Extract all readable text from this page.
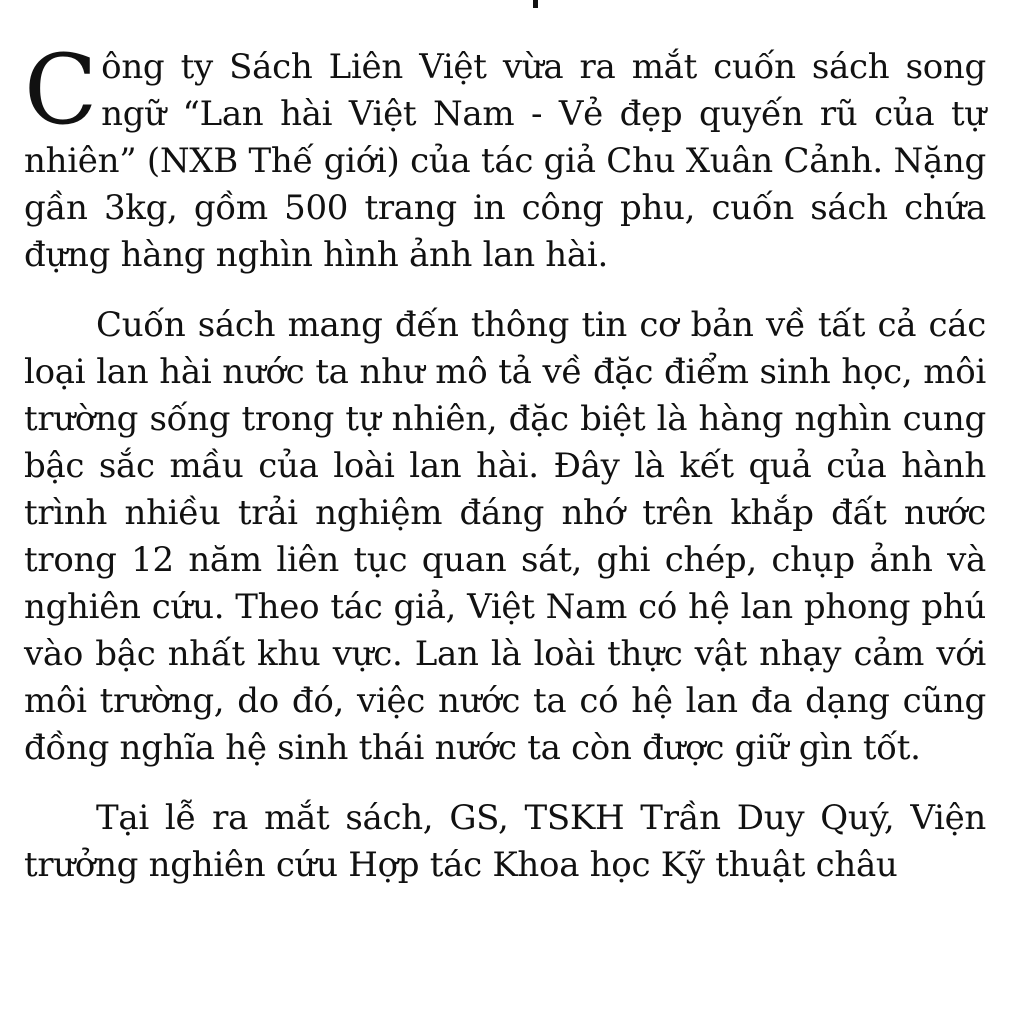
Công ty Sách Liên Việt vừa ra mắt cuốn sách song ngữ “Lan hài Việt Nam - Vẻ đẹp quyến rũ của tự nhiên” (NXB Thế giới) của tác giả Chu Xuân Cảnh. Nặng gần 3kg, gồm 500 trang in công phu, cuốn sách chứa đựng hàng nghìn hình ảnh lan hài.

Cuốn sách mang đến thông tin cơ bản về tất cả các loại lan hài nước ta như mô tả về đặc điểm sinh học, môi trường sống trong tự nhiên, đặc biệt là hàng nghìn cung bậc sắc mầu của loài lan hài. Đây là kết quả của hành trình nhiều trải nghiệm đáng nhớ trên khắp đất nước trong 12 năm liên tục quan sát, ghi chép, chụp ảnh và nghiên cứu. Theo tác giả, Việt Nam có hệ lan phong phú vào bậc nhất khu vực. Lan là loài thực vật nhạy cảm với môi trường, do đó, việc nước ta có hệ lan đa dạng cũng đồng nghĩa hệ sinh thái nước ta còn được giữ gìn tốt.

Tại lễ ra mắt sách, GS, TSKH Trần Duy Quý, Viện trưởng nghiên cứu Hợp tác Khoa học Kỹ thuật châu
